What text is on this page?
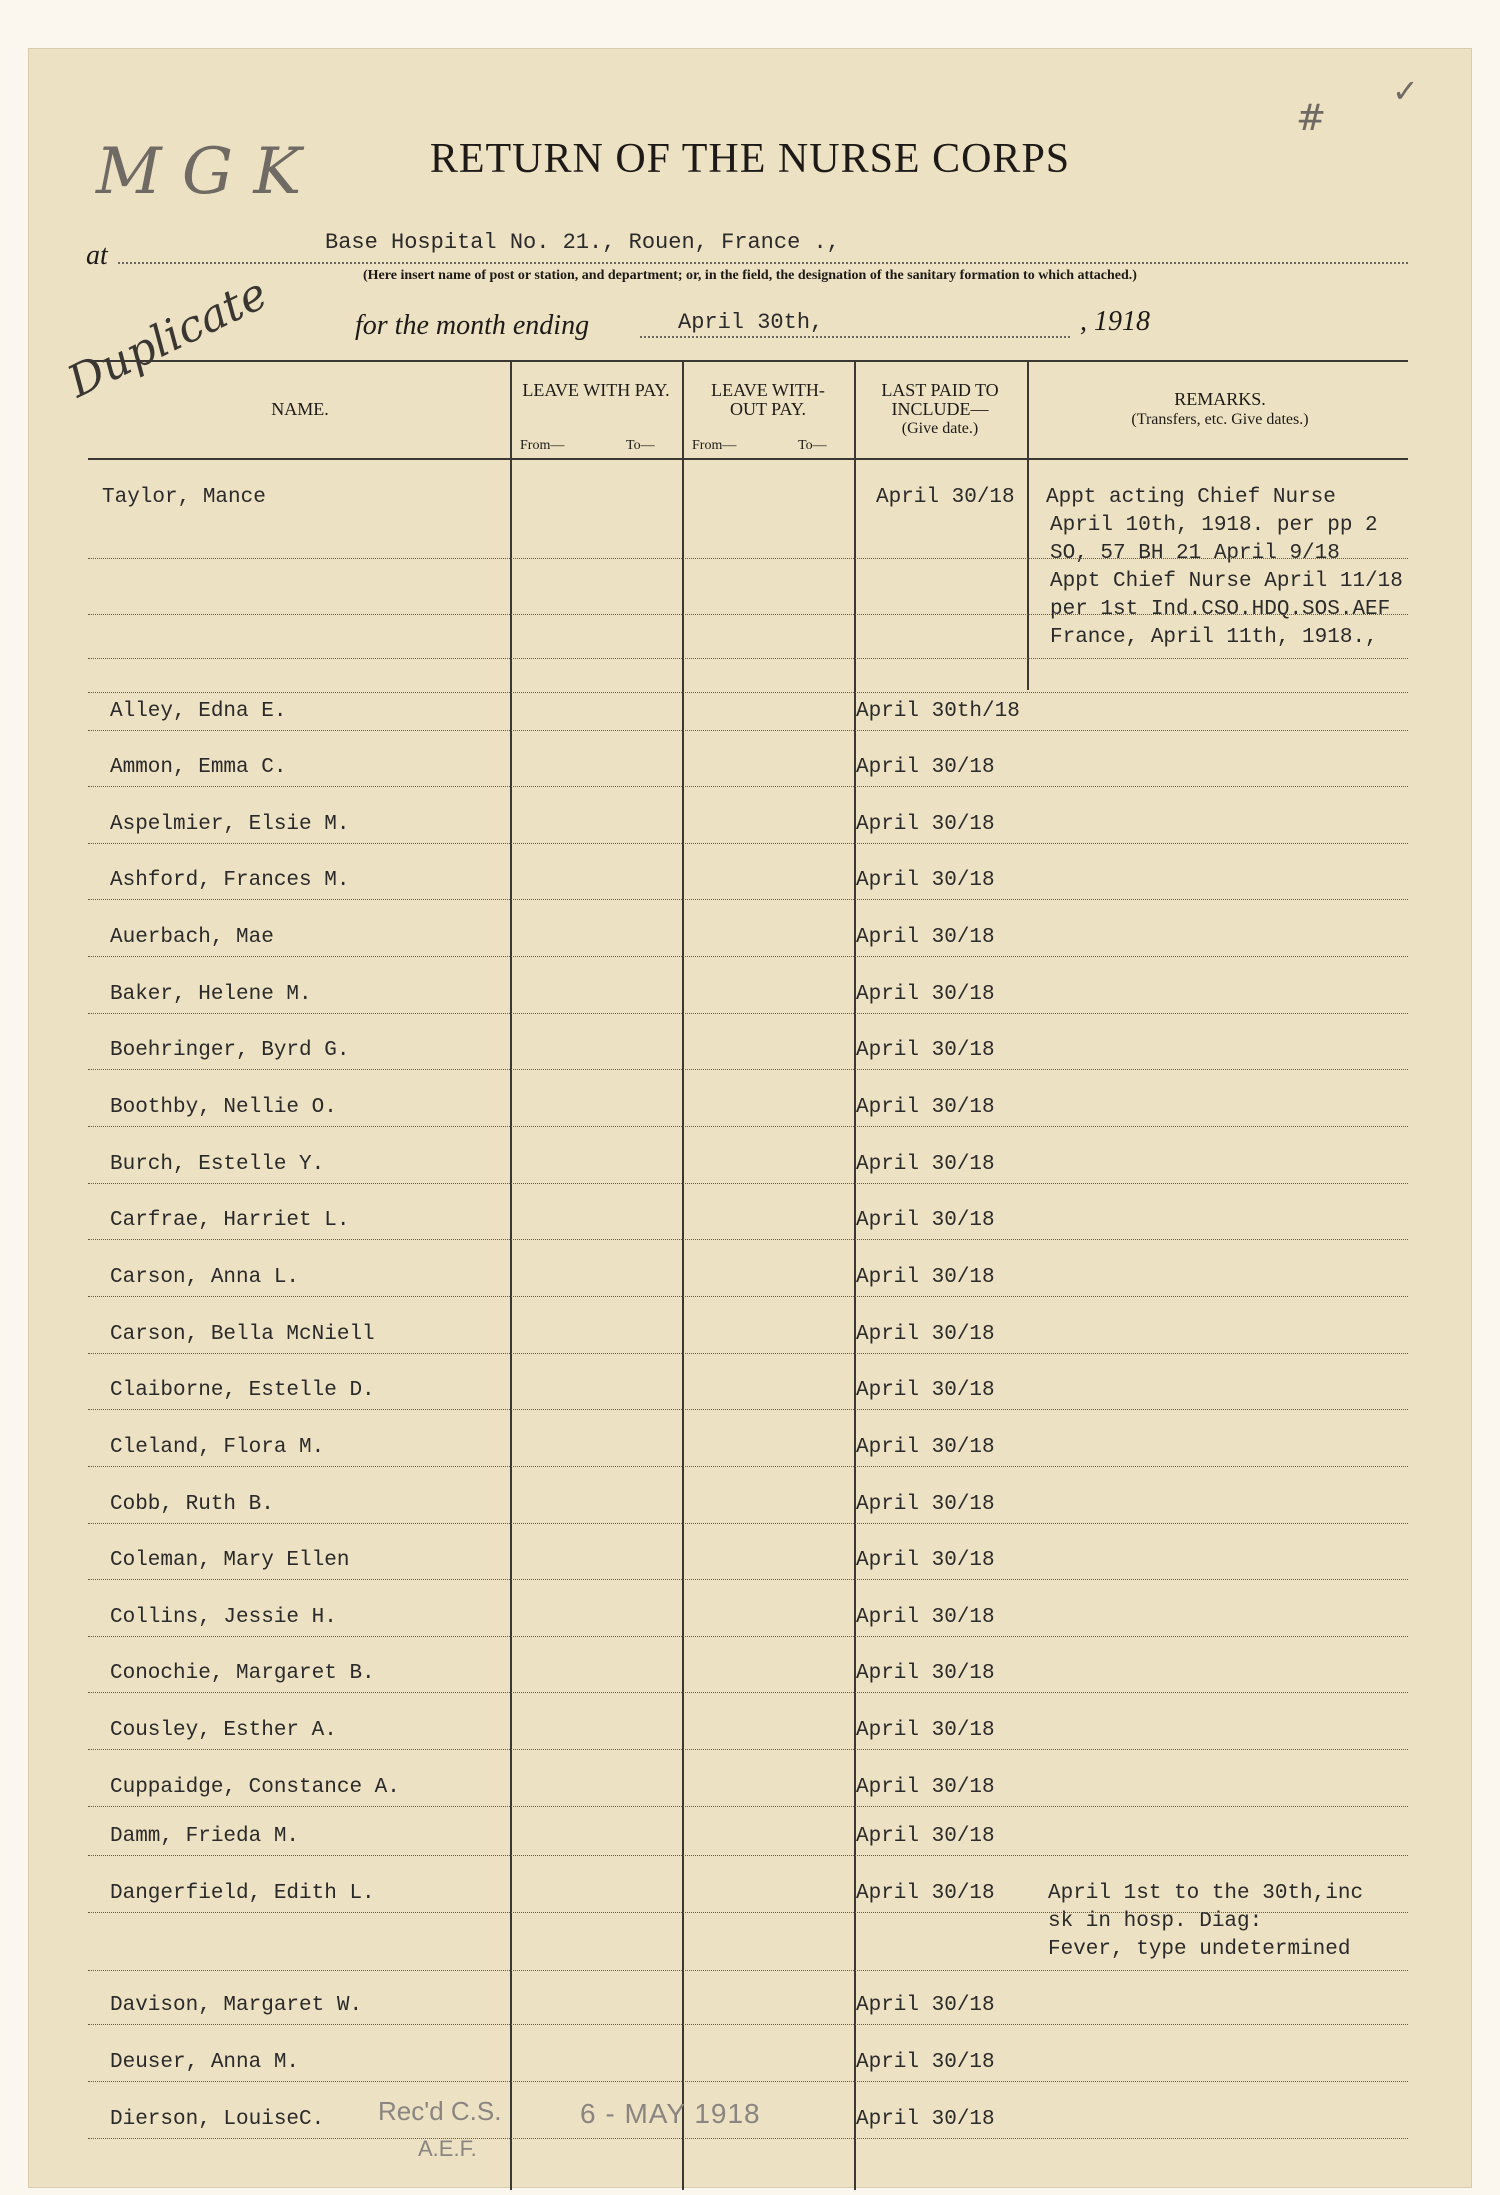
M G K
#
✓
Duplicate
RETURN OF THE NURSE CORPS
at	Base Hospital No. 21., Rouen, France .,
(Here insert name of post or station, and department; or, in the field, the designation of the sanitary formation to which attached.)
for the month ending	April 30th,	, 1918
NAME.
LEAVE WITH PAY.
From—	To—
LEAVE WITH- OUT PAY.
From—	To—
LAST PAID TO INCLUDE—
(Give date.)
REMARKS.
(Transfers, etc. Give dates.)
Taylor, Mance	April 30/18 Appt acting Chief Nurse
April 10th, 1918. per pp 2
SO, 57 BH 21 April 9/18
Appt Chief Nurse April 11/18
per 1st Ind.CSO.HDQ.SOS.AEF
France, April 11th, 1918.,
Alley, Edna E.	April 30th/18
Ammon, Emma C.	April 30/18
Aspelmier, Elsie M.	April 30/18
Ashford, Frances M.	April 30/18
Auerbach, Mae	April 30/18
Baker, Helene M.	April 30/18
Boehringer, Byrd G.	April 30/18
Boothby, Nellie O.	April 30/18
Burch, Estelle Y.	April 30/18
Carfrae, Harriet L.	April 30/18
Carson, Anna L.	April 30/18
Carson, Bella McNiell	April 30/18
Claiborne, Estelle D.	April 30/18
Cleland, Flora M.	April 30/18
Cobb, Ruth B.	April 30/18
Coleman, Mary Ellen	April 30/18
Collins, Jessie H.	April 30/18
Conochie, Margaret B.	April 30/18
Cousley, Esther A.	April 30/18
Cuppaidge, Constance A.	April 30/18
Damm, Frieda M.	April 30/18
Dangerfield, Edith L.	April 30/18	April 1st to the 30th,inc
sk in hosp. Diag:
Fever, type undetermined
Davison, Margaret W.	April 30/18
Deuser, Anna M.	April 30/18
Dierson, LouiseC.	April 30/18
Rec'd C.S.	6 - MAY 1918
A.E.F.
